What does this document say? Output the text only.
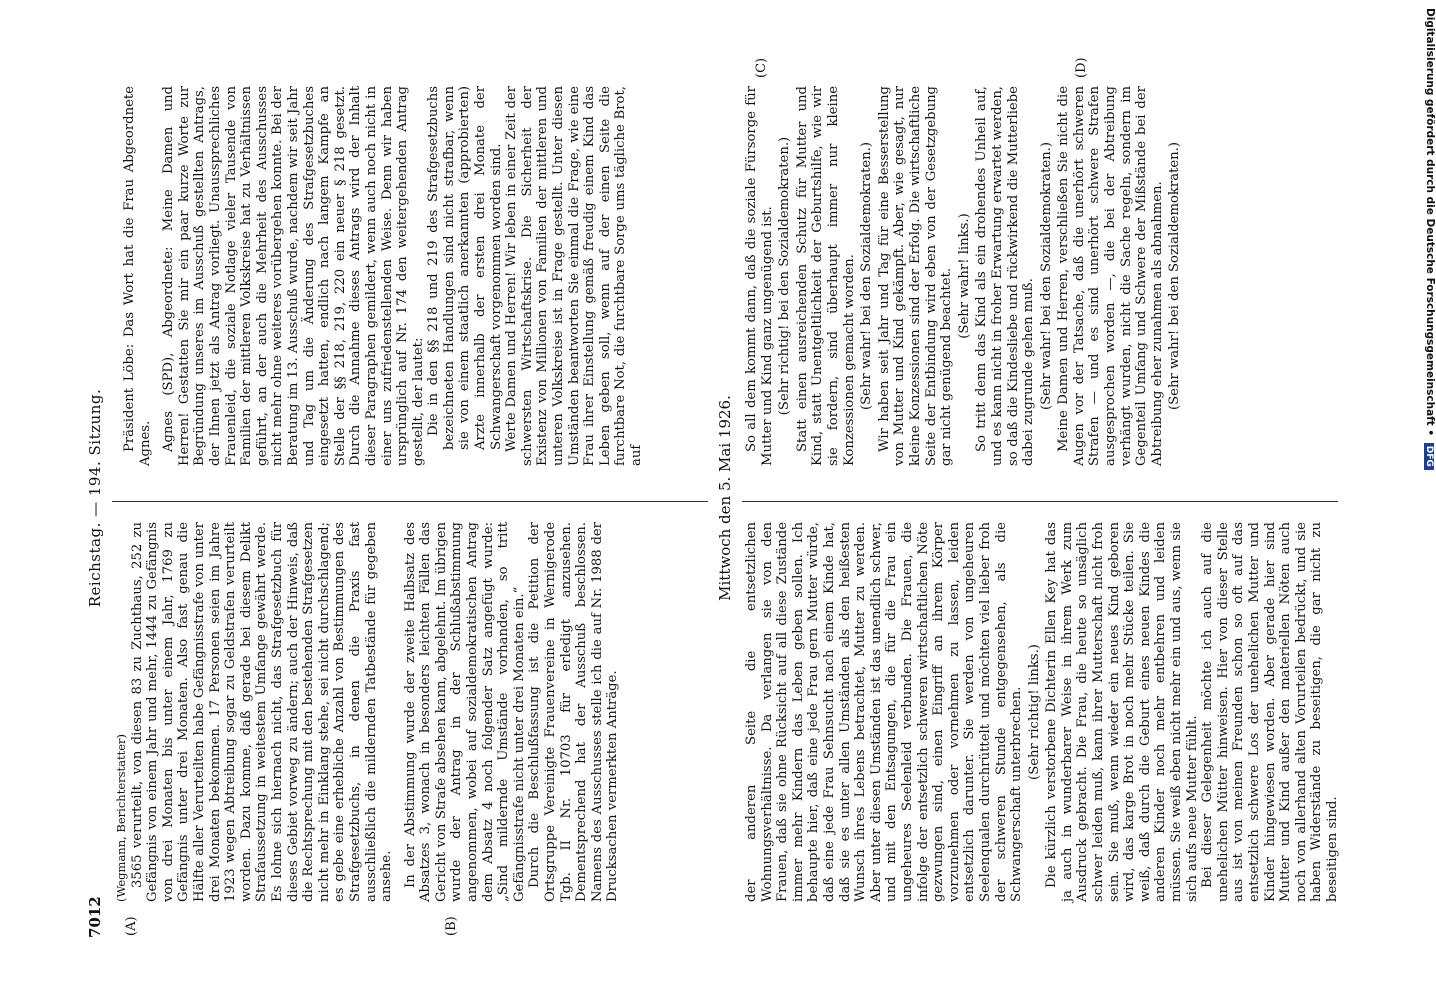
7012
Reichstag. — 194. Sitzung.
(A)	(B)

(Wegmann, Berichterstatter) 3565 verurteilt, von diesen 83 zu Zuchthaus, 252 zu Gefängnis von einem Jahr und mehr, 1444 zu Gefängnis von drei Monaten bis unter einem Jahr, 1769 zu Gefängnis unter drei Monaten. Also fast genau die Hälfte aller Verurteilten habe Gefängnisstrafe von unter drei Monaten bekommen. 17 Personen seien im Jahre 1923 wegen Abtreibung sogar zu Geldstrafen verurteilt worden. Dazu komme, daß gerade bei diesem Delikt Strafaussetzung in weitestem Umfange gewährt werde. Es lohne sich hiernach nicht, das Strafgesetzbuch für dieses Gebiet vorweg zu ändern; auch der Hinweis, daß die Rechtsprechung mit den bestehenden Strafgesetzen nicht mehr in Einklang stehe, sei nicht durchschlagend; es gebe eine erhebliche Anzahl von Bestimmungen des Strafgesetzbuchs, in denen die Praxis fast ausschließlich die mildernden Tatbestände für gegeben ansehe. In der Abstimmung wurde der zweite Halbsatz des Absatzes 3, wonach in besonders leichten Fällen das Gericht von Strafe absehen kann, abgelehnt. Im übrigen wurde der Antrag in der Schlußabstimmung angenommen, wobei auf sozialdemokratischen Antrag dem Absatz 4 noch folgender Satz angefügt wurde: „Sind mildernde Umstände vorhanden, so tritt Gefängnisstrafe nicht unter drei Monaten ein.“ Durch die Beschlußfassung ist die Petition der Ortsgruppe Vereinigte Frauenvereine in Wernigerode Tgb. II Nr. 10703 für erledigt anzusehen. Dementsprechend hat der Ausschuß beschlossen. Namens des Ausschusses stelle ich die auf Nr. 1988 der Drucksachen vermerkten Anträge.

Präsident Löbe: Das Wort hat die Frau Abgeordnete Agnes. Agnes (SPD), Abgeordnete: Meine Damen und Herren! Gestatten Sie mir ein paar kurze Worte zur Begründung unseres im Ausschuß gestellten Antrags, der Ihnen jetzt als Antrag vorliegt. Unaussprechliches Frauenleid, die soziale Notlage vieler Tausende von Familien der mittleren Volkskreise hat zu Verhältnissen geführt, an der auch die Mehrheit des Ausschusses nicht mehr ohne weiteres vorübergehen konnte. Bei der Beratung im 13. Ausschuß wurde, nachdem wir seit Jahr und Tag um die Änderung des Strafgesetzbuches eingesetzt hatten, endlich nach langem Kampfe an Stelle der §§ 218, 219, 220 ein neuer § 218 gesetzt. Durch die Annahme dieses Antrags wird der Inhalt dieser Paragraphen gemildert, wenn auch noch nicht in einer uns zufriedenstellenden Weise. Denn wir haben ursprünglich auf Nr. 174 den weitergehenden Antrag gestellt, der lautet: Die in den §§ 218 und 219 des Strafgesetzbuchs bezeichneten Handlungen sind nicht strafbar, wenn sie von einem staatlich anerkannten (approbierten) Arzte innerhalb der ersten drei Monate der Schwangerschaft vorgenommen worden sind. Werte Damen und Herren! Wir leben in einer Zeit der schwersten Wirtschaftskrise. Die Sicherheit der Existenz von Millionen von Familien der mittleren und unteren Volkskreise ist in Frage gestellt. Unter diesen Umständen beantworten Sie einmal die Frage, wie eine Frau ihrer Einstellung gemäß freudig einem Kind das Leben geben soll, wenn auf der einen Seite die furchtbare Not, die furchtbare Sorge ums tägliche Brot, auf	Mittwoch den 5. Mai 1926.
(C)	(D)

der anderen Seite die entsetzlichen Wohnungsverhältnisse. Da verlangen sie von den Frauen, daß sie ohne Rücksicht auf all diese Zustände immer mehr Kindern das Leben geben sollen. Ich behaupte hier, daß eine jede Frau gern Mutter würde, daß eine jede Frau Sehnsucht nach einem Kinde hat, daß sie es unter allen Umständen als den heißesten Wunsch ihres Lebens betrachtet, Mutter zu werden. Aber unter diesen Umständen ist das unendlich schwer, und mit den Entsagungen, die für die Frau ein ungeheures Seelenleid verbunden. Die Frauen, die infolge der entsetzlich schweren wirtschaftlichen Nöte gezwungen sind, einen Eingriff an ihrem Körper vorzunehmen oder vornehmen zu lassen, leiden entsetzlich darunter. Sie werden von ungeheuren Seelenqualen durchrüttelt und möchten viel lieber froh der schweren Stunde entgegensehen, als die Schwangerschaft unterbrechen. (Sehr richtig! links.) Die kürzlich verstorbene Dichterin Ellen Key hat das ja auch in wunderbarer Weise in ihrem Werk zum Ausdruck gebracht. Die Frau, die heute so unsäglich schwer leiden muß, kann ihrer Mutterschaft nicht froh sein. Sie muß, wenn wieder ein neues Kind geboren wird, das karge Brot in noch mehr Stücke teilen. Sie weiß, daß durch die Geburt eines neuen Kindes die anderen Kinder noch mehr entbehren und leiden müssen. Sie weiß eben nicht mehr ein und aus, wenn sie sich aufs neue Mutter fühlt. Bei dieser Gelegenheit möchte ich auch auf die unehelichen Mütter hinweisen. Hier von dieser Stelle aus ist von meinen Freunden schon so oft auf das entsetzlich schwere Los der unehelichen Mutter und Kinder hingewiesen worden. Aber gerade hier sind Mutter und Kind außer den materiellen Nöten auch noch von allerhand alten Vorurteilen bedrückt, und sie haben Widerstände zu beseitigen, die gar nicht zu beseitigen sind.

So all dem kommt dann, daß die soziale Fürsorge für Mutter und Kind ganz ungenügend ist. (Sehr richtig! bei den Sozialdemokraten.) Statt einen ausreichenden Schutz für Mutter und Kind, statt Unentgeltlichkeit der Geburtshilfe, wie wir sie fordern, sind überhaupt immer nur kleine Konzessionen gemacht worden. (Sehr wahr! bei den Sozialdemokraten.) Wir haben seit Jahr und Tag für eine Besserstellung von Mutter und Kind gekämpft. Aber, wie gesagt, nur kleine Konzessionen sind der Erfolg. Die wirtschaftliche Seite der Entbindung wird eben von der Gesetzgebung gar nicht genügend beachtet. (Sehr wahr! links.) So tritt denn das Kind als ein drohendes Unheil auf, und es kann nicht in froher Erwartung erwartet werden, so daß die Kindesliebe und rückwirkend die Mutterliebe dabei zugrunde gehen muß. (Sehr wahr! bei den Sozialdemokraten.) Meine Damen und Herren, verschließen Sie nicht die Augen vor der Tatsache, daß die unerhört schweren Strafen — und es sind unerhört schwere Strafen ausgesprochen worden —, die bei der Abtreibung verhängt wurden, nicht die Sache regeln, sondern im Gegenteil Umfang und Schwere der Mißstände bei der Abtreibung eher zunahmen als abnahmen. (Sehr wahr! bei den Sozialdemokraten.)	Digitalisierung gefördert durch die Deutsche Forschungsgemeinschaft • DFG
